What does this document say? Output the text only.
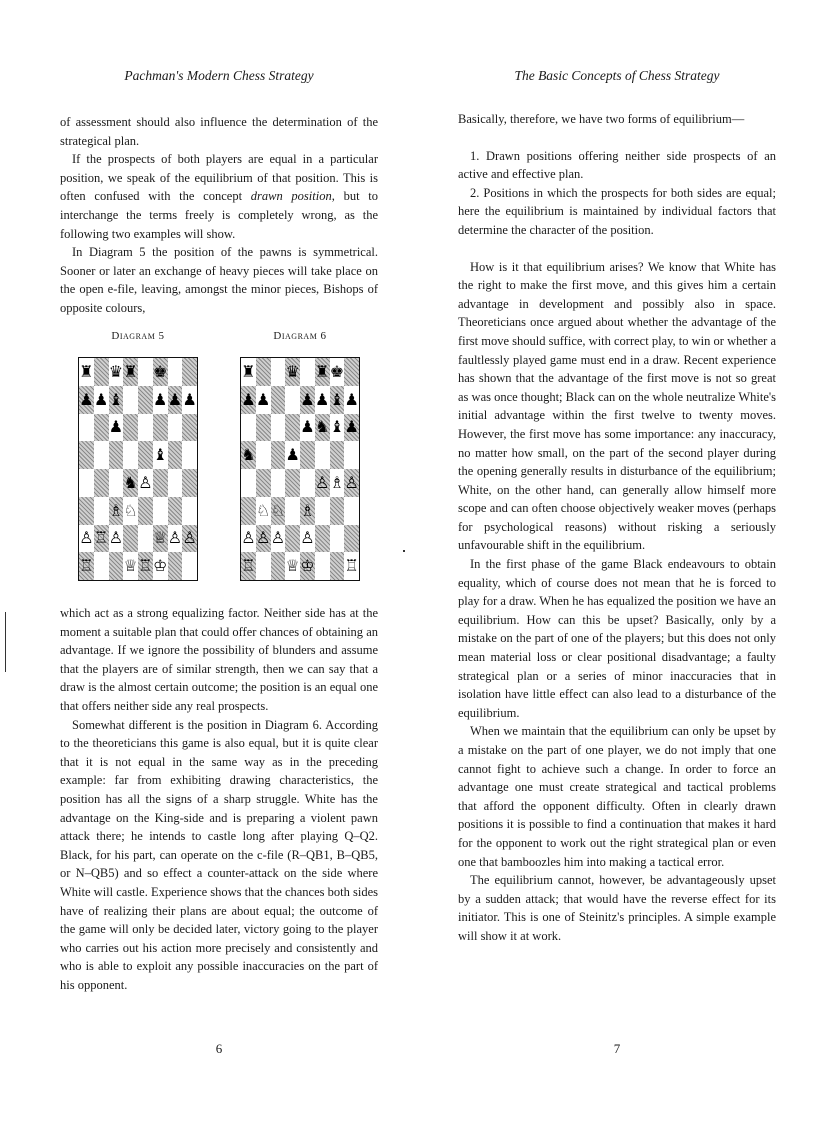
Pachman's Modern Chess Strategy

of assessment should also influence the determination of the strategical plan.

If the prospects of both players are equal in a particular position, we speak of the equilibrium of that position. This is often confused with the concept drawn position, but to interchange the terms freely is completely wrong, as the following two examples will show.

In Diagram 5 the position of the pawns is symmetrical. Sooner or later an exchange of heavy pieces will take place on the open e-file, leaving, amongst the minor pieces, Bishops of opposite colours,

Diagram 5
♜ ♛ ♜ ♚
♟ ♟ ♝ ♟ ♟ ♟
♟
♝
♞ ♙
♗ ♘
♙ ♖ ♙ ♕ ♙ ♙
♖ ♕ ♖ ♔
Diagram 6
♜ ♛ ♜ ♚
♟ ♟ ♟ ♟ ♝ ♟
♟ ♞ ♝ ♟
♞ ♟
♙ ♗ ♙
♘ ♘ ♗
♙ ♙ ♙ ♙
♖ ♕ ♔ ♖

which act as a strong equalizing factor. Neither side has at the moment a suitable plan that could offer chances of obtaining an advantage. If we ignore the possibility of blunders and assume that the players are of similar strength, then we can say that a draw is the almost certain outcome; the position is an equal one that offers neither side any real prospects.

Somewhat different is the position in Diagram 6. According to the theoreticians this game is also equal, but it is quite clear that it is not equal in the same way as in the preceding example: far from exhibiting drawing characteristics, the position has all the signs of a sharp struggle. White has the advantage on the King-side and is preparing a violent pawn attack there; he intends to castle long after playing Q–Q2. Black, for his part, can operate on the c-file (R–QB1, B–QB5, or N–QB5) and so effect a counter-attack on the side where White will castle. Experience shows that the chances both sides have of realizing their plans are about equal; the outcome of the game will only be decided later, victory going to the player who carries out his action more precisely and consistently and who is able to exploit any possible inaccuracies on the part of his opponent.

6
The Basic Concepts of Chess Strategy

Basically, therefore, we have two forms of equilibrium—

1. Drawn positions offering neither side prospects of an active and effective plan.

2. Positions in which the prospects for both sides are equal; here the equilibrium is maintained by individual factors that determine the character of the position.

How is it that equilibrium arises? We know that White has the right to make the first move, and this gives him a certain advantage in development and possibly also in space. Theoreticians once argued about whether the advantage of the first move should suffice, with correct play, to win or whether a faultlessly played game must end in a draw. Recent experience has shown that the advantage of the first move is not so great as was once thought; Black can on the whole neutralize White's initial advantage within the first twelve to twenty moves. However, the first move has some importance: any inaccuracy, no matter how small, on the part of the second player during the opening generally results in disturbance of the equilibrium; White, on the other hand, can generally allow himself more scope and can often choose objectively weaker moves (perhaps for psychological reasons) without risking a seriously unfavourable shift in the equilibrium.

In the first phase of the game Black endeavours to obtain equality, which of course does not mean that he is forced to play for a draw. When he has equalized the position we have an equilibrium. How can this be upset? Basically, only by a mistake on the part of one of the players; but this does not only mean material loss or clear positional disadvantage; a faulty strategical plan or a series of minor inaccuracies that in isolation have little effect can also lead to a disturbance of the equilibrium.

When we maintain that the equilibrium can only be upset by a mistake on the part of one player, we do not imply that one cannot fight to achieve such a change. In order to force an advantage one must create strategical and tactical problems that afford the opponent difficulty. Often in clearly drawn positions it is possible to find a continuation that makes it hard for the opponent to work out the right strategical plan or even one that bamboozles him into making a tactical error.

The equilibrium cannot, however, be advantageously upset by a sudden attack; that would have the reverse effect for its initiator. This is one of Steinitz's principles. A simple example will show it at work.

7
